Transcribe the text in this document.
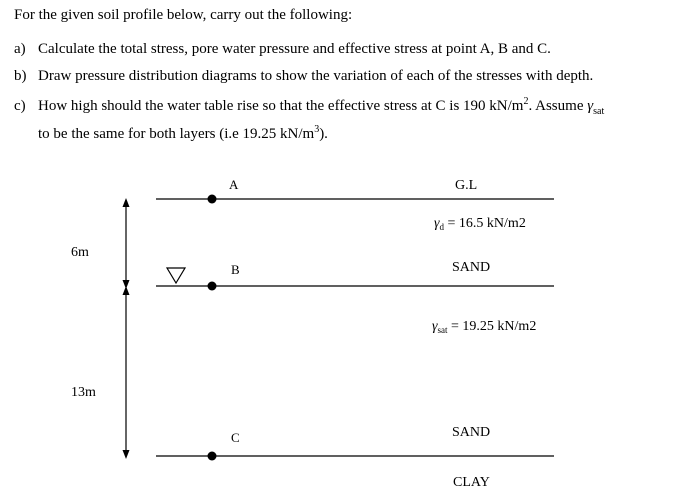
For the given soil profile below, carry out the following:
a) Calculate the total stress, pore water pressure and effective stress at point A, B and C.
b) Draw pressure distribution diagrams to show the variation of each of the stresses with depth.
c) How high should the water table rise so that the effective stress at C is 190 $kN/m^2$. Assume $\gamma_{sat}$
to be the same for both layers (i.e 19.25 $kN/m^3$).
A
B
C
6m
13m
G.L
$\gamma_d = 16.5$ kN/m2
SAND
$\gamma_{sat} = 19.25$ kN/m2
SAND
CLAY
